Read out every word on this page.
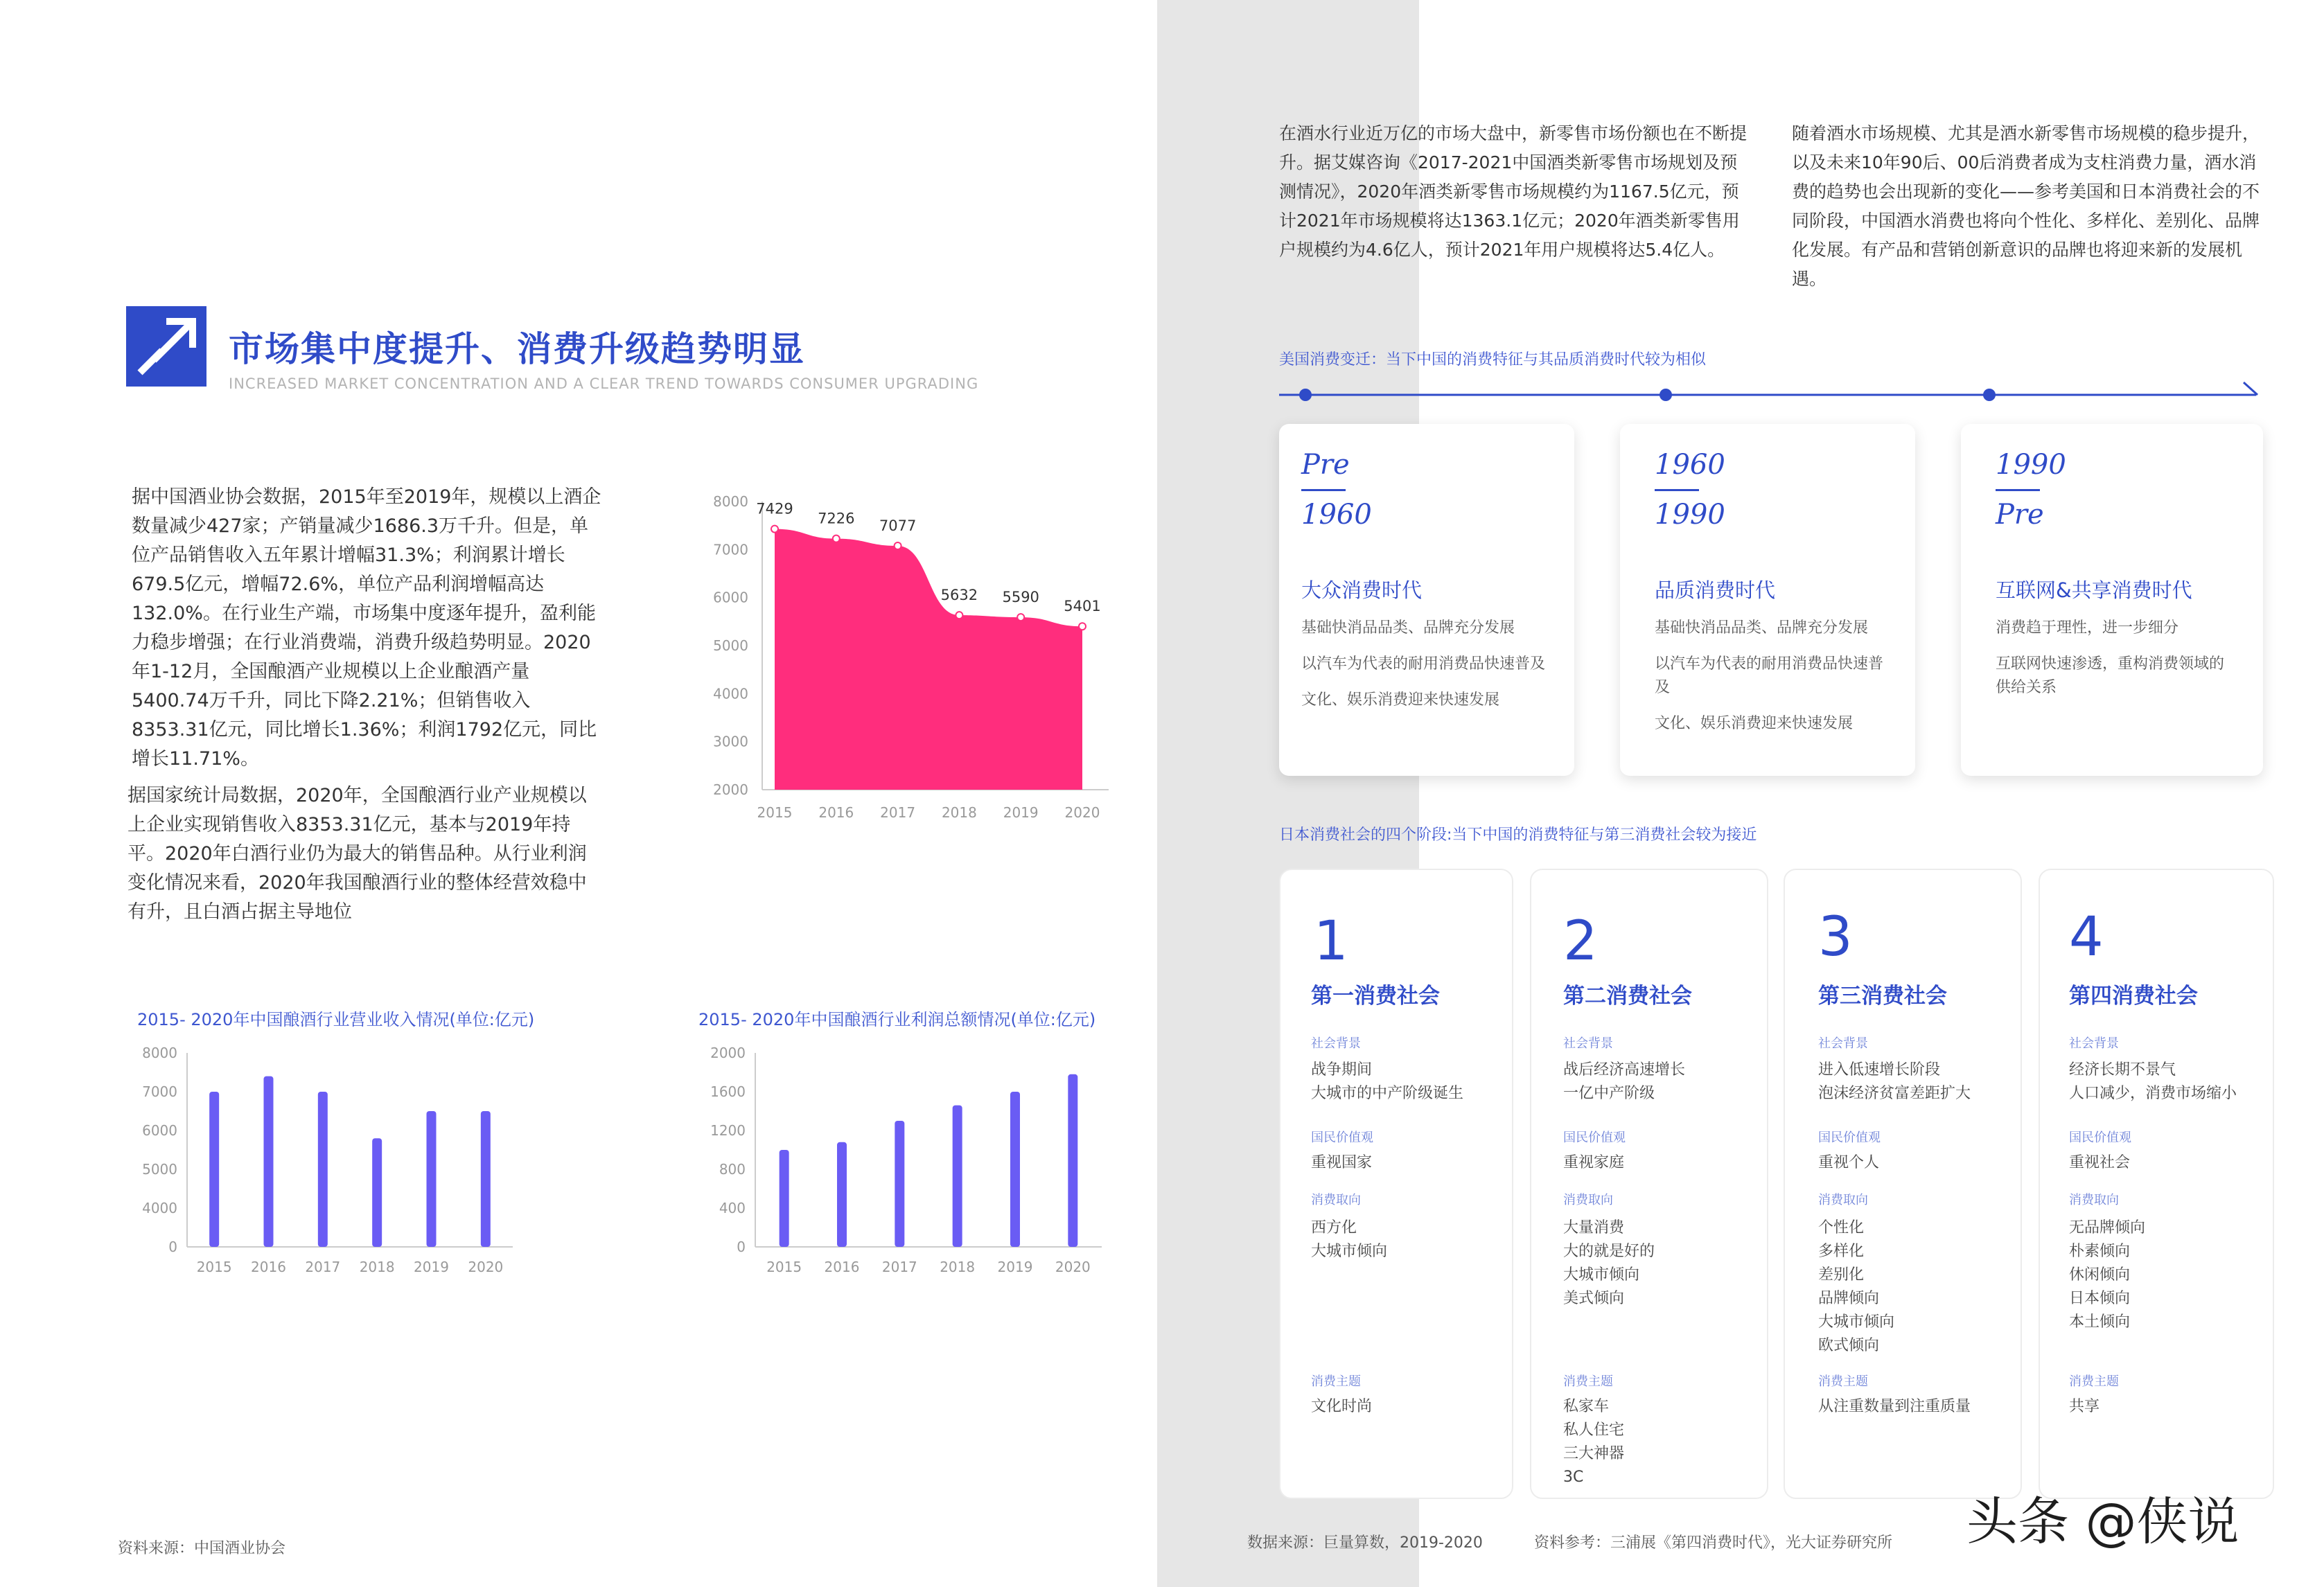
市场集中度提升、消费升级趋势明显
INCREASED MARKET CONCENTRATION AND A CLEAR TREND TOWARDS CONSUMER UPGRADING
据中国酒业协会数据，2015年至2019年，规模以上酒企数量减少427家；产销量减少1686.3万千升。但是，单位产品销售收入五年累计增幅31.3%；利润累计增长679.5亿元，增幅72.6%，单位产品利润增幅高达132.0%。在行业生产端，市场集中度逐年提升，盈利能力稳步增强；在行业消费端，消费升级趋势明显。2020年1-12月，全国酿酒产业规模以上企业酿酒产量5400.74万千升，同比下降2.21%；但销售收入8353.31亿元，同比增长1.36%；利润1792亿元，同比增长11.71%。
据国家统计局数据，2020年，全国酿酒行业产业规模以上企业实现销售收入8353.31亿元，基本与2019年持平。2020年白酒行业仍为最大的销售品种。从行业利润变化情况来看，2020年我国酿酒行业的整体经营效稳中有升，且白酒占据主导地位
2000
3000
4000
5000
6000
7000
8000 7429
7226 7077
5632 5590
5401
2015 2016 2017 2018 2019 2020
2015- 2020年中国酿酒行业营业收入情况(单位:亿元)
0
4000
5000
6000
7000
8000
2015 2016 2017 2018 2019 2020
2015- 2020年中国酿酒行业利润总额情况(单位:亿元)
0
400
800
1200
1600
2000
2015 2016 2017 2018 2019 2020
资料来源：中国酒业协会
在酒水行业近万亿的市场大盘中，新零售市场份额也在不断提升。据艾媒咨询《2017-2021中国酒类新零售市场规划及预测情况》，2020年酒类新零售市场规模约为1167.5亿元，预计2021年市场规模将达1363.1亿元；2020年酒类新零售用户规模约为4.6亿人，预计2021年用户规模将达5.4亿人。
随着酒水市场规模、尤其是酒水新零售市场规模的稳步提升，以及未来10年90后、00后消费者成为支柱消费力量，酒水消费的趋势也会出现新的变化——参考美国和日本消费社会的不同阶段，中国酒水消费也将向个性化、多样化、差别化、品牌化发展。有产品和营销创新意识的品牌也将迎来新的发展机遇。
美国消费变迁：当下中国的消费特征与其品质消费时代较为相似
Pre
1960
大众消费时代
基础快消品品类、品牌充分发展
以汽车为代表的耐用消费品快速普及
文化、娱乐消费迎来快速发展
1960
1990
品质消费时代
基础快消品品类、品牌充分发展
以汽车为代表的耐用消费品快速普及
文化、娱乐消费迎来快速发展
1990
Pre
互联网&共享消费时代
消费趋于理性，进一步细分
互联网快速渗透，重构消费领域的供给关系
日本消费社会的四个阶段:当下中国的消费特征与第三消费社会较为接近
1
第一消费社会
社会背景
战争期间
大城市的中产阶级诞生
国民价值观
重视国家
消费取向
西方化
大城市倾向
消费主题
文化时尚
2
第二消费社会
社会背景
战后经济高速增长
一亿中产阶级
国民价值观
重视家庭
消费取向
大量消费
大的就是好的
大城市倾向
美式倾向
消费主题
私家车
私人住宅
三大神器
3C
3
第三消费社会
社会背景
进入低速增长阶段
泡沫经济贫富差距扩大
国民价值观
重视个人
消费取向
个性化
多样化
差别化
品牌倾向
大城市倾向
欧式倾向
消费主题
从注重数量到注重质量
4
第四消费社会
社会背景
经济长期不景气
人口减少，消费市场缩小
国民价值观
重视社会
消费取向
无品牌倾向
朴素倾向
休闲倾向
日本倾向
本土倾向
消费主题
共享
数据来源：巨量算数，2019-2020	资料参考：三浦展《第四消费时代》，光大证券研究所 头条 @侠说
